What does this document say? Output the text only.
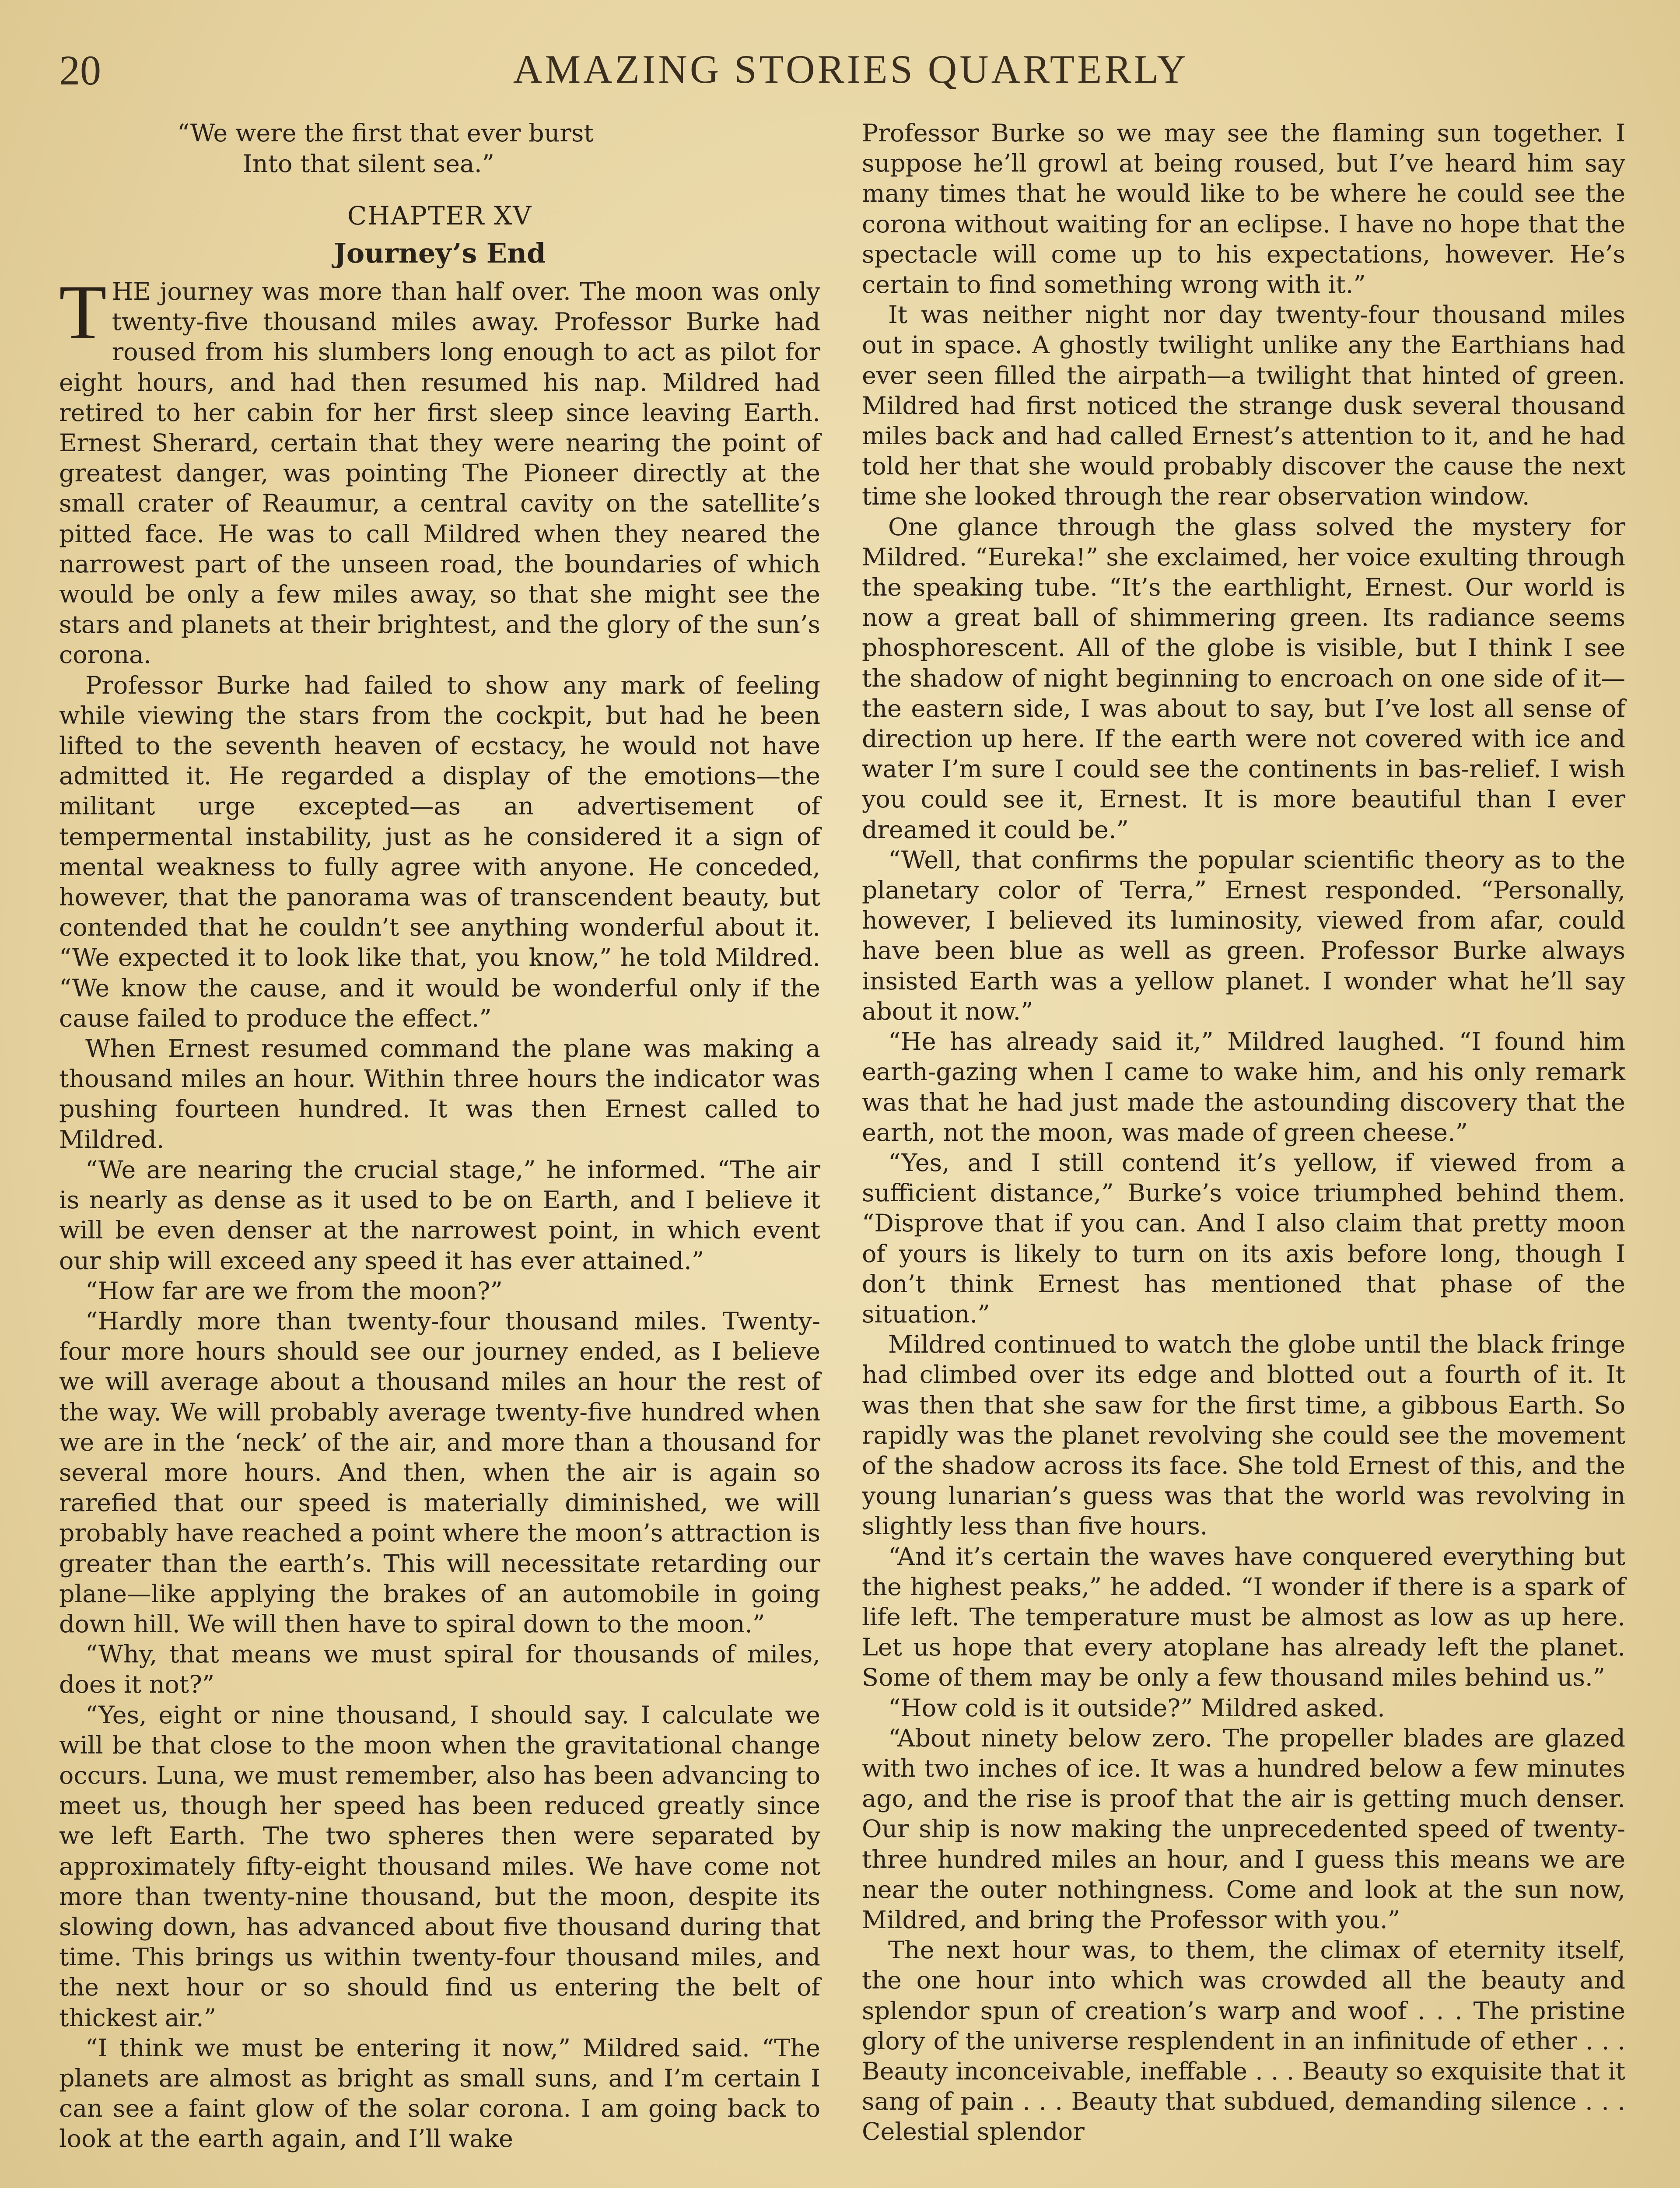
20	AMAZING STORIES QUARTERLY
“We were the first that ever burst
Into that silent sea.”
CHAPTER XV
Journey’s End
T HE journey was more than half over. The moon was only twenty-five thousand miles away. Professor Burke had roused from his slumbers long enough to act as pilot for eight hours, and had then resumed his nap. Mildred had retired to her cabin for her first sleep since leaving Earth. Ernest Sherard, certain that they were nearing the point of greatest danger, was pointing The Pioneer directly at the small crater of Reaumur, a central cavity on the satellite’s pitted face. He was to call Mildred when they neared the narrowest part of the unseen road, the boundaries of which would be only a few miles away, so that she might see the stars and planets at their brightest, and the glory of the sun’s corona.

Professor Burke had failed to show any mark of feeling while viewing the stars from the cockpit, but had he been lifted to the seventh heaven of ecstacy, he would not have admitted it. He regarded a display of the emotions—the militant urge excepted—as an advertisement of tempermental instability, just as he considered it a sign of mental weakness to fully agree with anyone. He conceded, however, that the panorama was of transcendent beauty, but contended that he couldn’t see anything wonderful about it. “We expected it to look like that, you know,” he told Mildred. “We know the cause, and it would be wonderful only if the cause failed to produce the effect.”

When Ernest resumed command the plane was making a thousand miles an hour. Within three hours the indicator was pushing fourteen hundred. It was then Ernest called to Mildred.

“We are nearing the crucial stage,” he informed. “The air is nearly as dense as it used to be on Earth, and I believe it will be even denser at the narrowest point, in which event our ship will exceed any speed it has ever attained.”

“How far are we from the moon?”

“Hardly more than twenty-four thousand miles. Twenty-four more hours should see our journey ended, as I believe we will average about a thousand miles an hour the rest of the way. We will probably average twenty-five hundred when we are in the ‘neck’ of the air, and more than a thousand for several more hours. And then, when the air is again so rarefied that our speed is materially diminished, we will probably have reached a point where the moon’s attraction is greater than the earth’s. This will necessitate retarding our plane—like applying the brakes of an automobile in going down hill. We will then have to spiral down to the moon.”

“Why, that means we must spiral for thousands of miles, does it not?”

“Yes, eight or nine thousand, I should say. I calculate we will be that close to the moon when the gravitational change occurs. Luna, we must remember, also has been advancing to meet us, though her speed has been reduced greatly since we left Earth. The two spheres then were separated by approximately fifty-eight thousand miles. We have come not more than twenty-nine thousand, but the moon, despite its slowing down, has advanced about five thousand during that time. This brings us within twenty-four thousand miles, and the next hour or so should find us entering the belt of thickest air.”

“I think we must be entering it now,” Mildred said. “The planets are almost as bright as small suns, and I’m certain I can see a faint glow of the solar corona. I am going back to look at the earth again, and I’ll wake

Professor Burke so we may see the flaming sun together. I suppose he’ll growl at being roused, but I’ve heard him say many times that he would like to be where he could see the corona without waiting for an eclipse. I have no hope that the spectacle will come up to his expectations, however. He’s certain to find something wrong with it.”

It was neither night nor day twenty-four thousand miles out in space. A ghostly twilight unlike any the Earthians had ever seen filled the airpath—a twilight that hinted of green. Mildred had first noticed the strange dusk several thousand miles back and had called Ernest’s attention to it, and he had told her that she would probably discover the cause the next time she looked through the rear observation window.

One glance through the glass solved the mystery for Mildred. “Eureka!” she exclaimed, her voice exulting through the speaking tube. “It’s the earthlight, Ernest. Our world is now a great ball of shimmering green. Its radiance seems phosphorescent. All of the globe is visible, but I think I see the shadow of night beginning to encroach on one side of it—the eastern side, I was about to say, but I’ve lost all sense of direction up here. If the earth were not covered with ice and water I’m sure I could see the continents in bas-relief. I wish you could see it, Ernest. It is more beautiful than I ever dreamed it could be.”

“Well, that confirms the popular scientific theory as to the planetary color of Terra,” Ernest responded. “Personally, however, I believed its luminosity, viewed from afar, could have been blue as well as green. Professor Burke always insisted Earth was a yellow planet. I wonder what he’ll say about it now.”

“He has already said it,” Mildred laughed. “I found him earth-gazing when I came to wake him, and his only remark was that he had just made the astounding discovery that the earth, not the moon, was made of green cheese.”

“Yes, and I still contend it’s yellow, if viewed from a sufficient distance,” Burke’s voice triumphed behind them. “Disprove that if you can. And I also claim that pretty moon of yours is likely to turn on its axis before long, though I don’t think Ernest has mentioned that phase of the situation.”

Mildred continued to watch the globe until the black fringe had climbed over its edge and blotted out a fourth of it. It was then that she saw for the first time, a gibbous Earth. So rapidly was the planet revolving she could see the movement of the shadow across its face. She told Ernest of this, and the young lunarian’s guess was that the world was revolving in slightly less than five hours.

“And it’s certain the waves have conquered everything but the highest peaks,” he added. “I wonder if there is a spark of life left. The temperature must be almost as low as up here. Let us hope that every atoplane has already left the planet. Some of them may be only a few thousand miles behind us.”

“How cold is it outside?” Mildred asked.

“About ninety below zero. The propeller blades are glazed with two inches of ice. It was a hundred below a few minutes ago, and the rise is proof that the air is getting much denser. Our ship is now making the unprecedented speed of twenty-three hundred miles an hour, and I guess this means we are near the outer nothingness. Come and look at the sun now, Mildred, and bring the Professor with you.”

The next hour was, to them, the climax of eternity itself, the one hour into which was crowded all the beauty and splendor spun of creation’s warp and woof . . . The pristine glory of the universe resplendent in an infinitude of ether . . . Beauty inconceivable, ineffable . . . Beauty so exquisite that it sang of pain . . . Beauty that subdued, demanding silence . . . Celestial splendor
